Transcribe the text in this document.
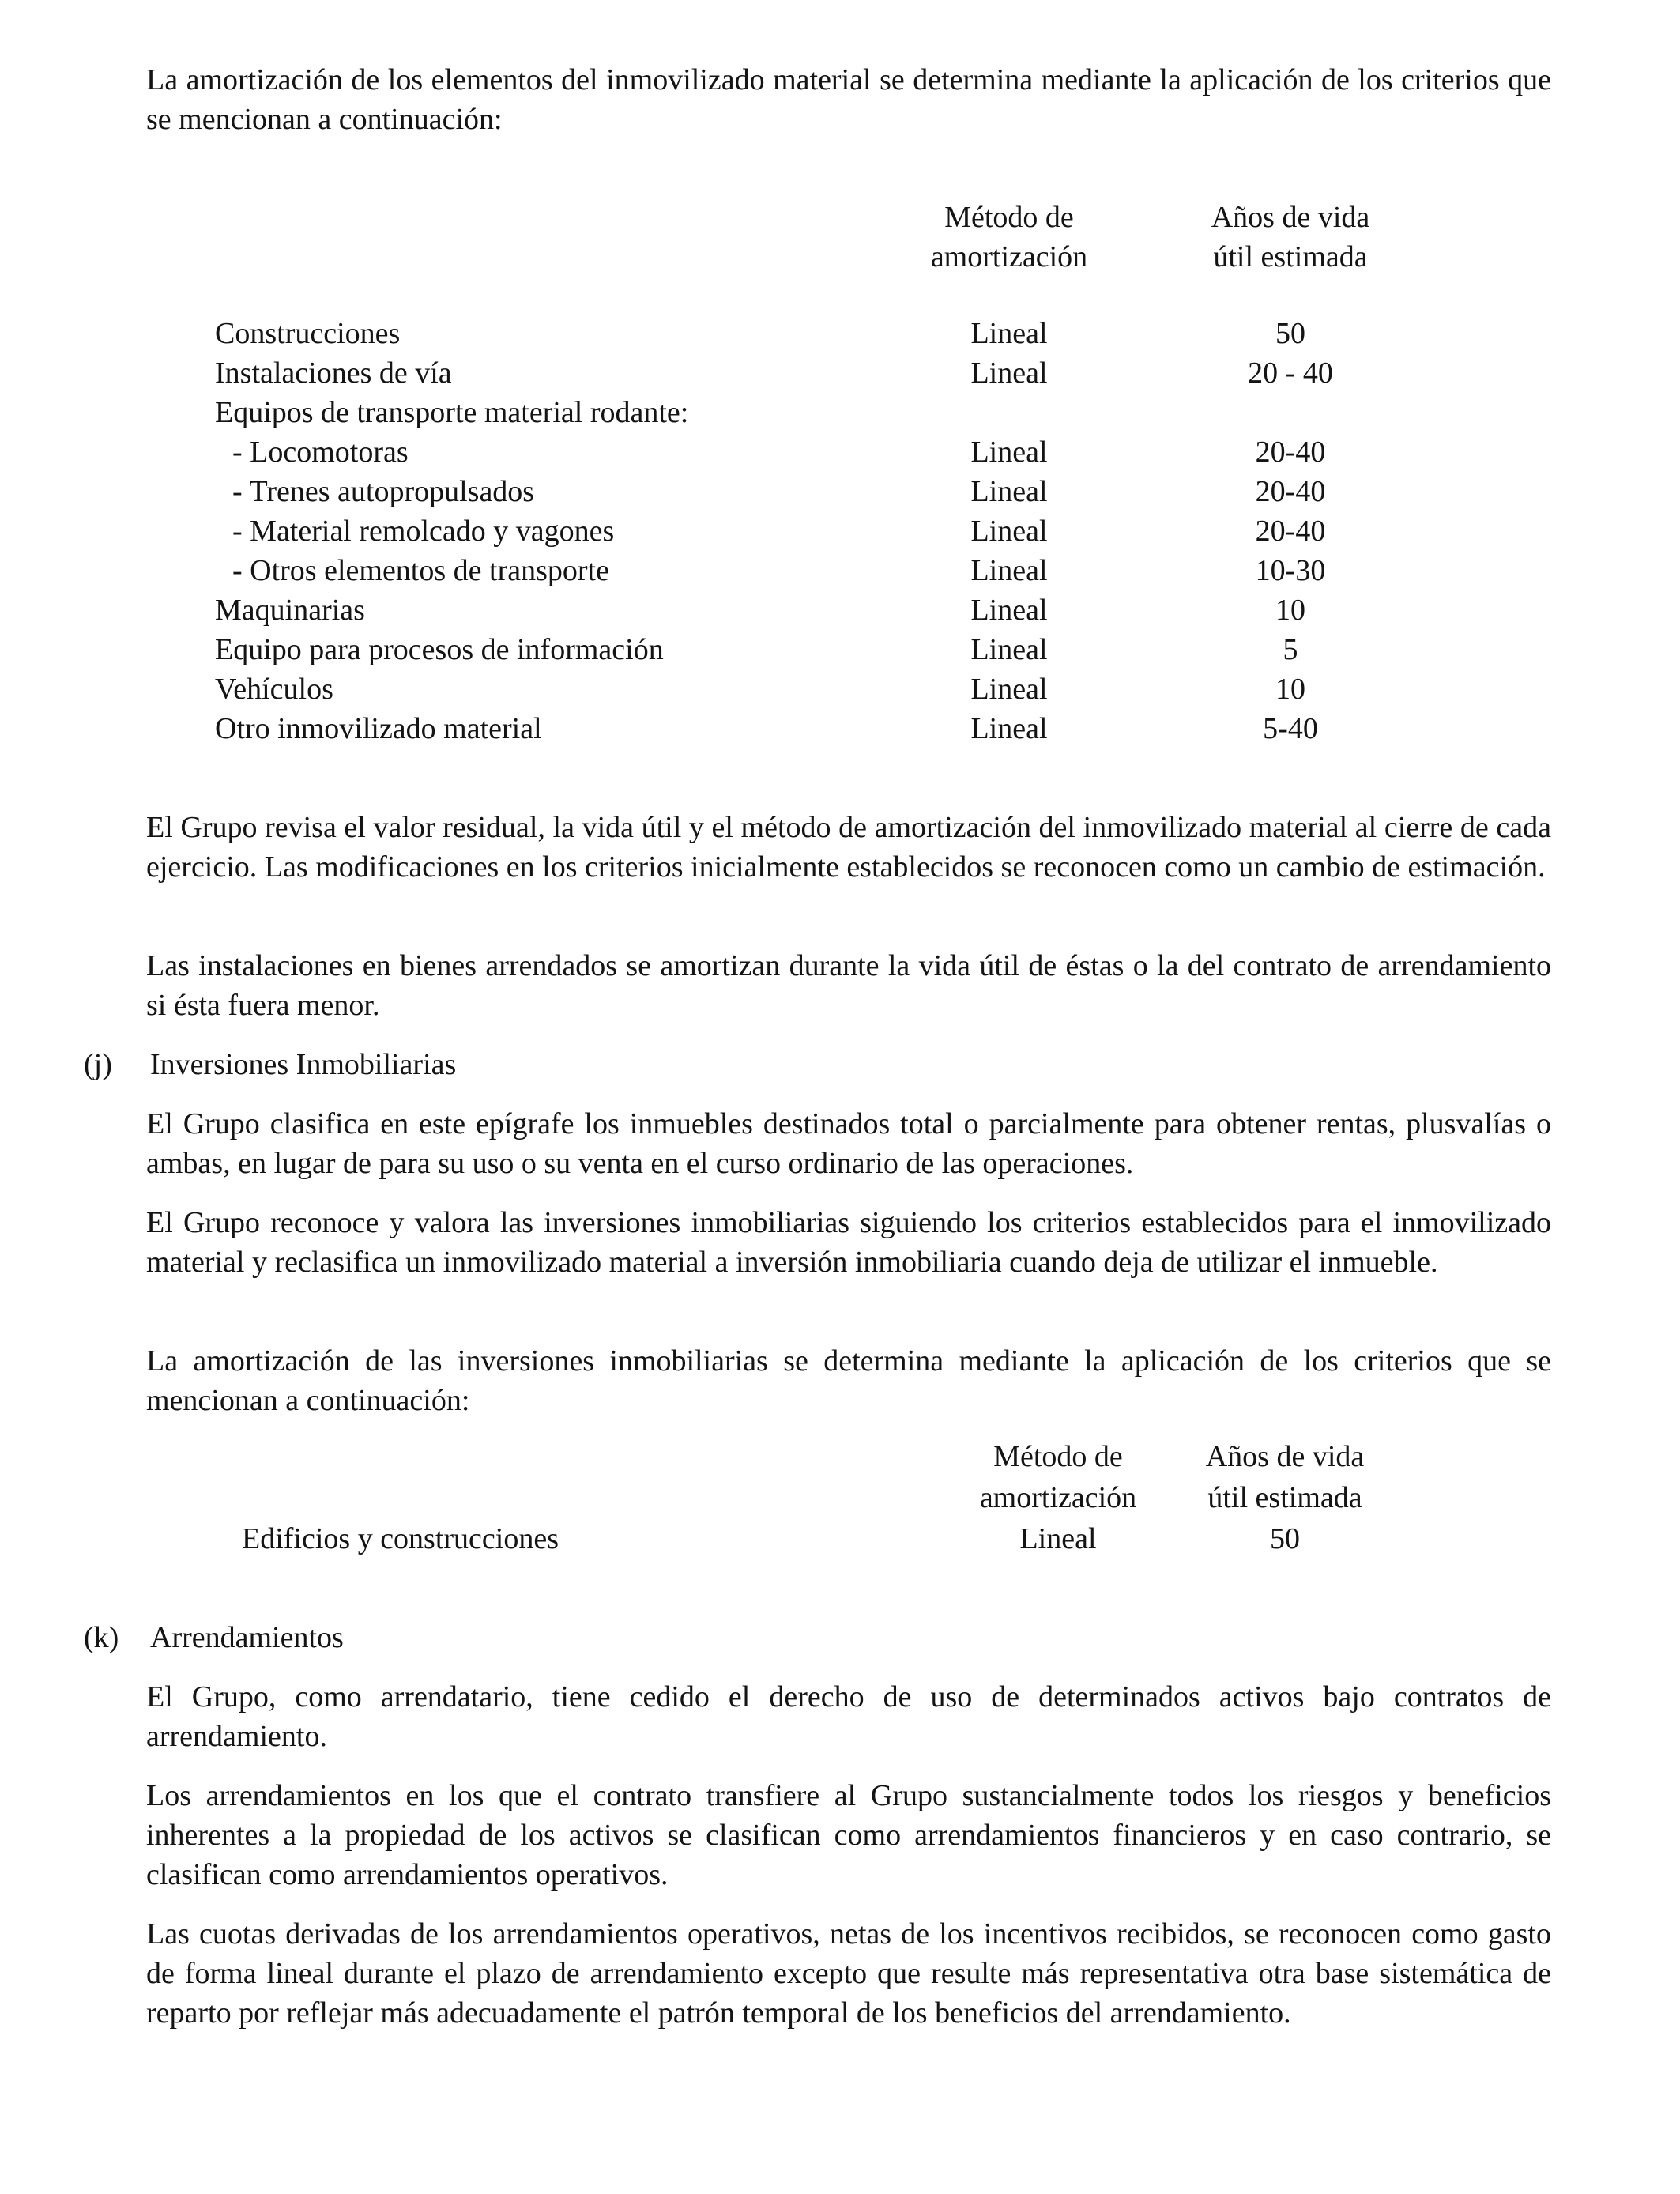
La amortización de los elementos del inmovilizado material se determina mediante la aplicación de los criterios que se mencionan a continuación:

Método de
amortización
Años de vida
útil estimada
Construcciones	Lineal	50
Instalaciones de vía	Lineal	20 - 40
Equipos de transporte material rodante:
- Locomotoras	Lineal	20-40
- Trenes autopropulsados	Lineal	20-40
- Material remolcado y vagones	Lineal	20-40
- Otros elementos de transporte	Lineal	10-30
Maquinarias	Lineal	10
Equipo para procesos de información	Lineal	5
Vehículos	Lineal	10
Otro inmovilizado material	Lineal	5-40

El Grupo revisa el valor residual, la vida útil y el método de amortización del inmovilizado material al cierre de cada ejercicio. Las modificaciones en los criterios inicialmente establecidos se reconocen como un cambio de estimación.

Las instalaciones en bienes arrendados se amortizan durante la vida útil de éstas o la del contrato de arrendamiento si ésta fuera menor.

(j) Inversiones Inmobiliarias

El Grupo clasifica en este epígrafe los inmuebles destinados total o parcialmente para obtener rentas, plusvalías o ambas, en lugar de para su uso o su venta en el curso ordinario de las operaciones.

El Grupo reconoce y valora las inversiones inmobiliarias siguiendo los criterios establecidos para el inmovilizado material y reclasifica un inmovilizado material a inversión inmobiliaria cuando deja de utilizar el inmueble.

La amortización de las inversiones inmobiliarias se determina mediante la aplicación de los criterios que se mencionan a continuación:

Método de
amortización
Años de vida
útil estimada
Edificios y construcciones	Lineal	50
(k) Arrendamientos

El Grupo, como arrendatario, tiene cedido el derecho de uso de determinados activos bajo contratos de arrendamiento.

Los arrendamientos en los que el contrato transfiere al Grupo sustancialmente todos los riesgos y beneficios inherentes a la propiedad de los activos se clasifican como arrendamientos financieros y en caso contrario, se clasifican como arrendamientos operativos.

Las cuotas derivadas de los arrendamientos operativos, netas de los incentivos recibidos, se reconocen como gasto de forma lineal durante el plazo de arrendamiento excepto que resulte más representativa otra base sistemática de reparto por reflejar más adecuadamente el patrón temporal de los beneficios del arrendamiento.
